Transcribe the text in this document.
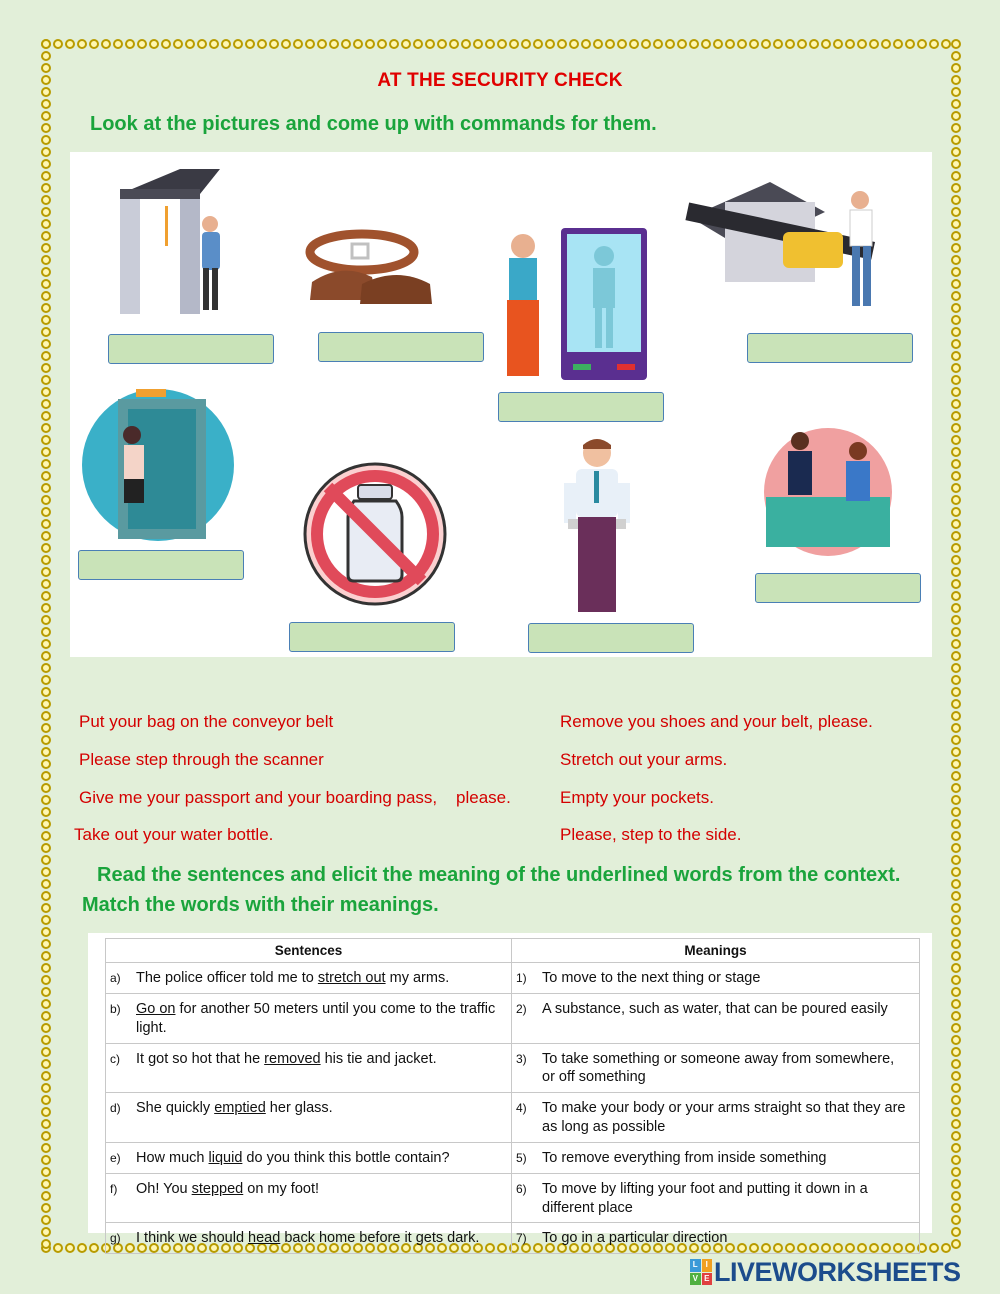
AT THE SECURITY CHECK
Look at the pictures and come up with commands for them.
Put your bag on the conveyor belt
Please step through the scanner
Give me your passport and your boarding pass,    please.
Take out your water bottle.
Remove you shoes and your belt, please.
Stretch out your arms.
Empty your pockets.
Please, step to the side.
Read the sentences and elicit the meaning of the underlined words from the context.
Match the words with their meanings.
Sentences	Meanings
a) The police officer told me to stretch out my arms.	1) To move to the next thing or stage
b) Go on for another 50 meters until you come to the traffic light.	2) A substance, such as water, that can be poured easily
c) It got so hot that he removed his tie and jacket.	3) To take something or someone away from somewhere, or off something
d) She quickly emptied her glass.	4) To make your body or your arms straight so that they are as long as possible
e) How much liquid do you think this bottle contain?	5) To remove everything from inside something
f) Oh! You stepped on my foot!	6) To move by lifting your foot and putting it down in a different place
g) I think we should head back home before it gets dark.	7) To go in a particular direction
L I
V E LIVEWORKSHEETS
